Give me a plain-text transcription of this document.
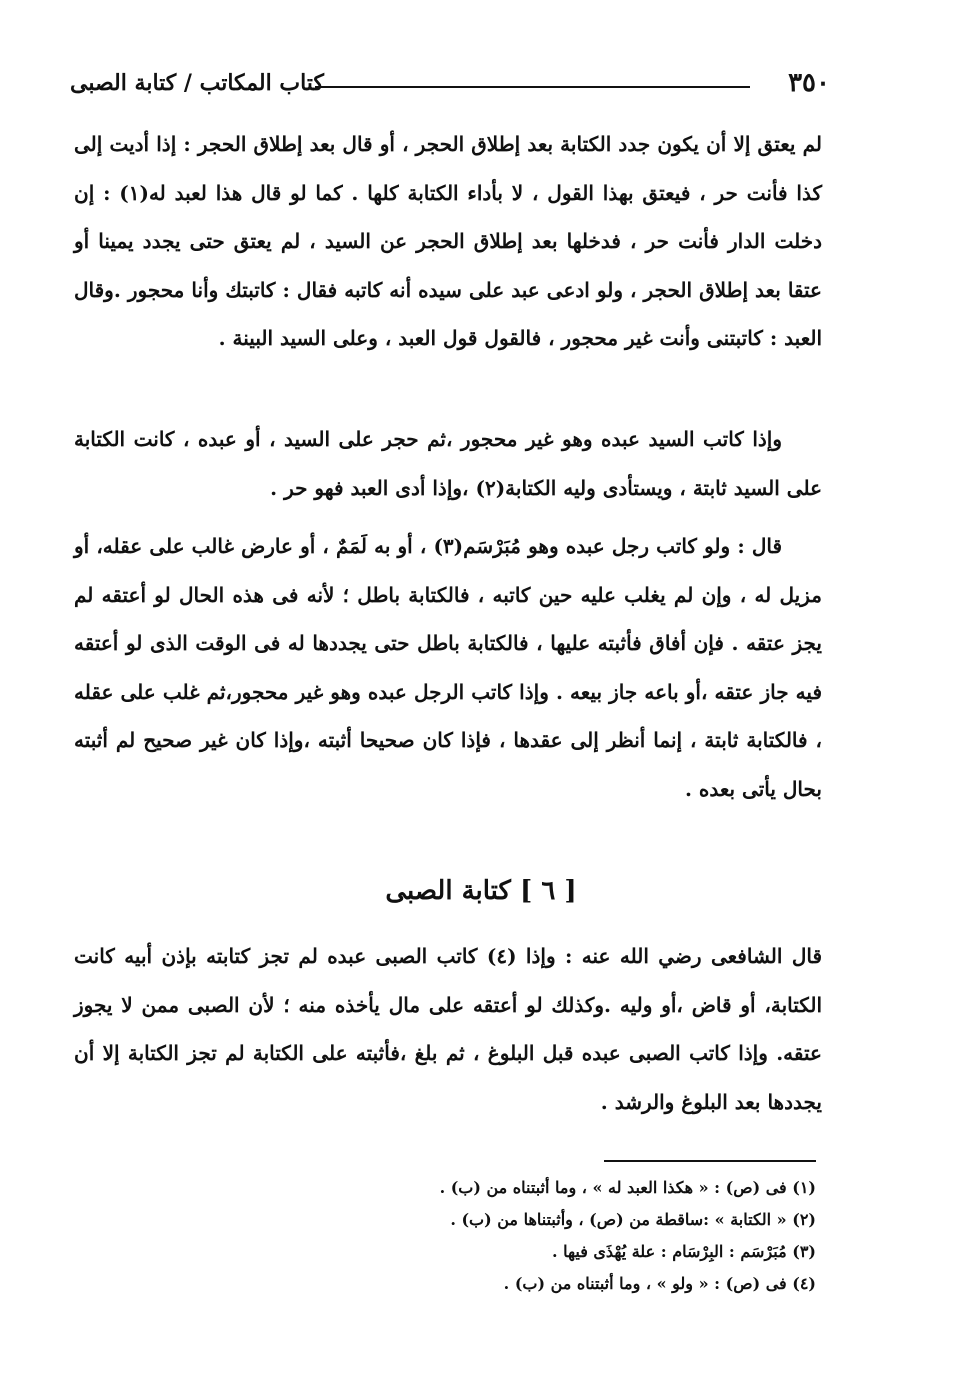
٣٥٠
كتاب المكاتب / كتابة الصبى
لم يعتق إلا أن يكون جدد الكتابة بعد إطلاق الحجر ، أو قال بعد إطلاق الحجر : إذا أديت إلى كذا فأنت حر ، فيعتق بهذا القول ، لا بأداء الكتابة كلها . كما لو قال هذا لعبد له(١) : إن دخلت الدار فأنت حر ، فدخلها بعد إطلاق الحجر عن السيد ، لم يعتق حتى يجدد يمينا أو عتقا بعد إطلاق الحجر ، ولو ادعى عبد على سيده أنه كاتبه فقال : كاتبتك وأنا محجور .وقال العبد : كاتبتنى وأنت غير محجور ، فالقول قول العبد ، وعلى السيد البينة .
وإذا كاتب السيد عبده وهو غير محجور ،ثم حجر على السيد ، أو عبده ، كانت الكتابة على السيد ثابتة ، ويستأدى وليه الكتابة(٢) ،وإذا أدى العبد فهو حر .
قال : ولو كاتب رجل عبده وهو مُبَرْسَم(٣) ، أو به لَمَمٌ ، أو عارض غالب على عقله، أو مزيل له ، وإن لم يغلب عليه حين كاتبه ، فالكتابة باطل ؛ لأنه فى هذه الحال لو أعتقه لم يجز عتقه . فإن أفاق فأثبته عليها ، فالكتابة باطل حتى يجددها له فى الوقت الذى لو أعتقه فيه جاز عتقه ،أو باعه جاز بيعه . وإذا كاتب الرجل عبده وهو غير محجور،ثم غلب على عقله ، فالكتابة ثابتة ، إنما أنظر إلى عقدها ، فإذا كان صحيحا أثبته ،وإذا كان غير صحيح لم أثبته بحال يأتى بعده .
[ ٦ ] كتابة الصبى
قال الشافعى رضي الله عنه : وإذا (٤) كاتب الصبى عبده لم تجز كتابته بإذن أبيه كانت الكتابة، أو قاض ،أو وليه .وكذلك لو أعتقه على مال يأخذه منه ؛ لأن الصبى ممن لا يجوز عتقه. وإذا كاتب الصبى عبده قبل البلوغ ، ثم بلغ ،فأثبته على الكتابة لم تجز الكتابة إلا أن يجددها بعد البلوغ والرشد .
(١) فى (ص) : « هكذا العبد له » ، وما أثبتناه من (ب) .
(٢) « الكتابة » :ساقطة من (ص) ، وأثبتناها من (ب) .
(٣) مُبَرْسَم : البِرْسَام : علة يُهْذَى فيها .
(٤) فى (ص) : « ولو » ، وما أثبتناه من (ب) .
